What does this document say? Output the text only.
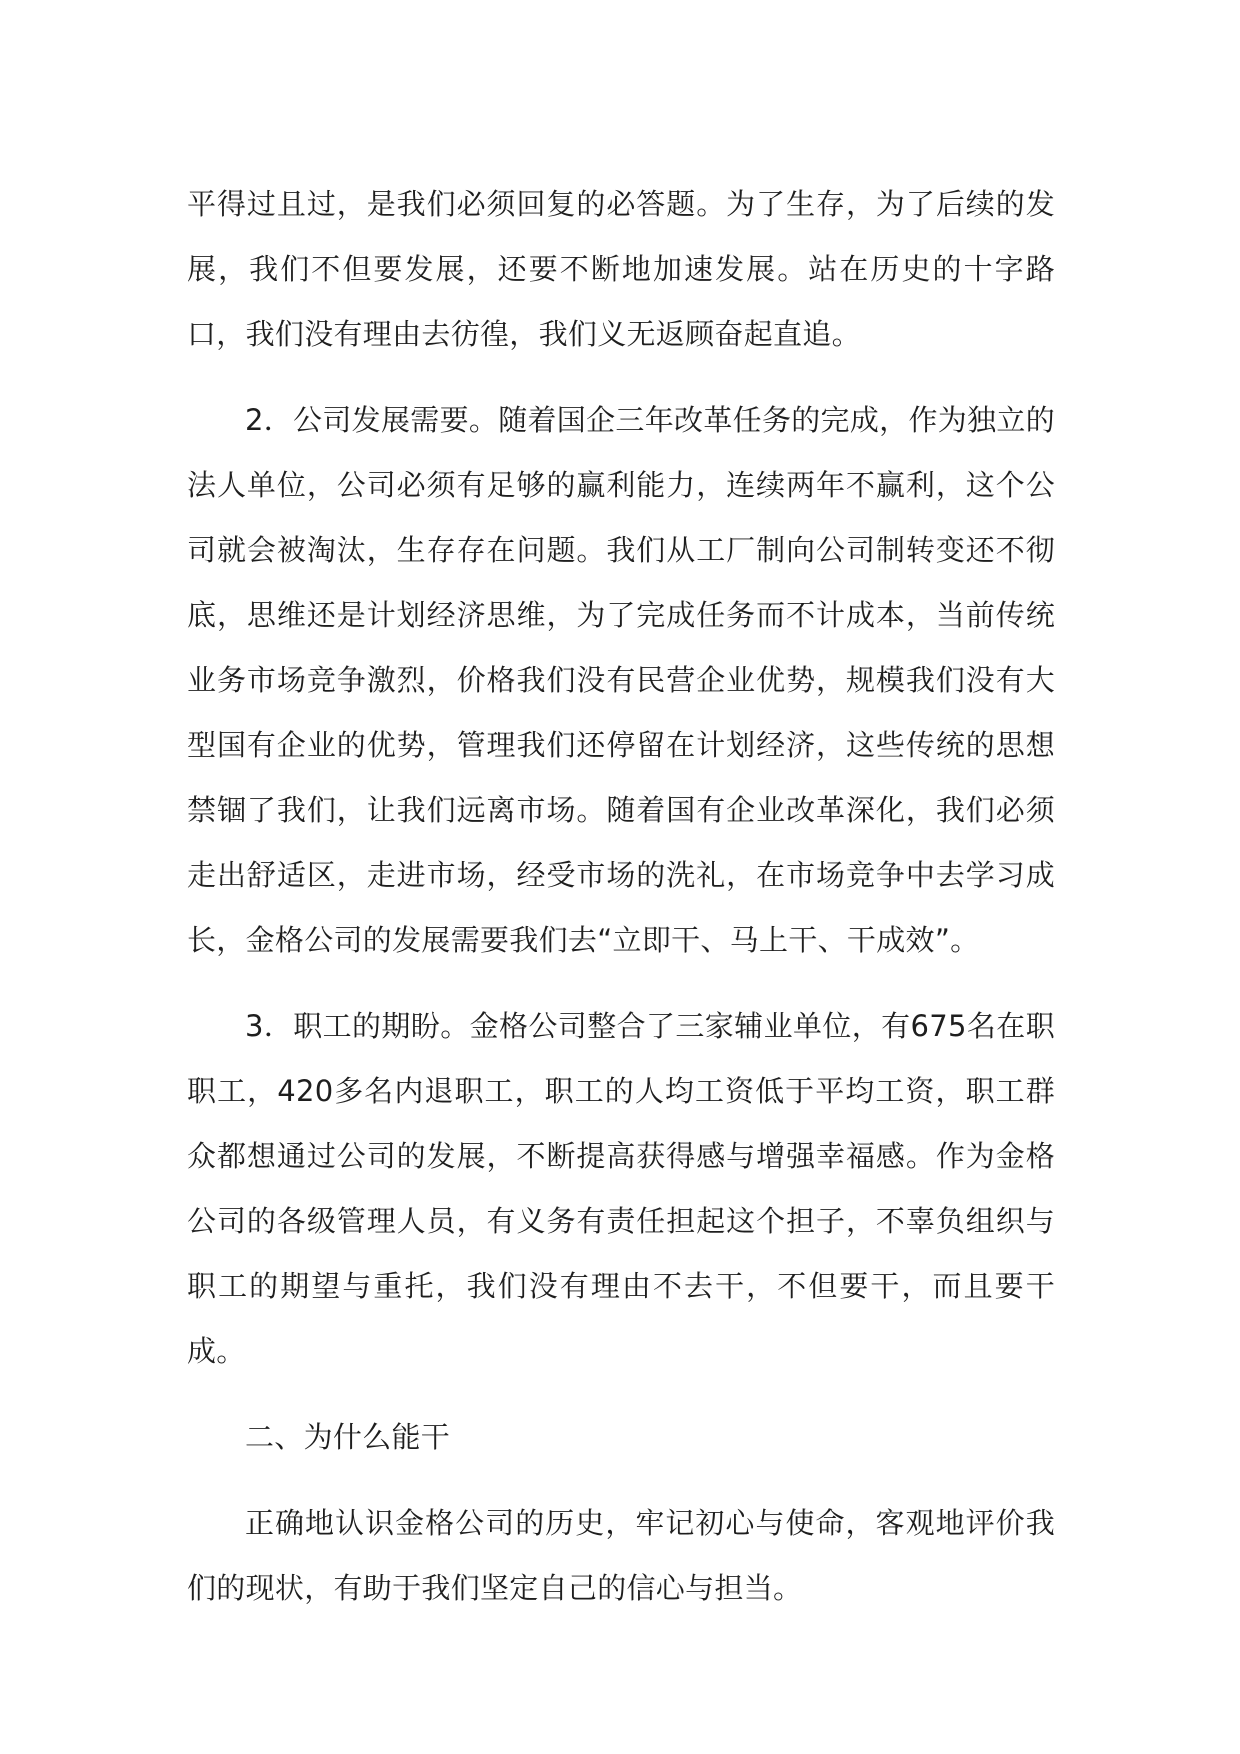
平得过且过，是我们必须回复的必答题。为了生存，为了后续的发展，我们不但要发展，还要不断地加速发展。站在历史的十字路口，我们没有理由去彷徨，我们义无返顾奋起直追。

2．公司发展需要。随着国企三年改革任务的完成，作为独立的法人单位，公司必须有足够的赢利能力，连续两年不赢利，这个公司就会被淘汰，生存存在问题。我们从工厂制向公司制转变还不彻底，思维还是计划经济思维，为了完成任务而不计成本，当前传统业务市场竞争激烈，价格我们没有民营企业优势，规模我们没有大型国有企业的优势，管理我们还停留在计划经济，这些传统的思想禁锢了我们，让我们远离市场。随着国有企业改革深化，我们必须走出舒适区，走进市场，经受市场的洗礼，在市场竞争中去学习成长，金格公司的发展需要我们去“立即干、马上干、干成效”。

3．职工的期盼。金格公司整合了三家辅业单位，有675名在职职工，420多名内退职工，职工的人均工资低于平均工资，职工群众都想通过公司的发展，不断提高获得感与增强幸福感。作为金格公司的各级管理人员，有义务有责任担起这个担子，不辜负组织与职工的期望与重托，我们没有理由不去干，不但要干，而且要干成。

二、为什么能干

正确地认识金格公司的历史，牢记初心与使命，客观地评价我们的现状，有助于我们坚定自己的信心与担当。
